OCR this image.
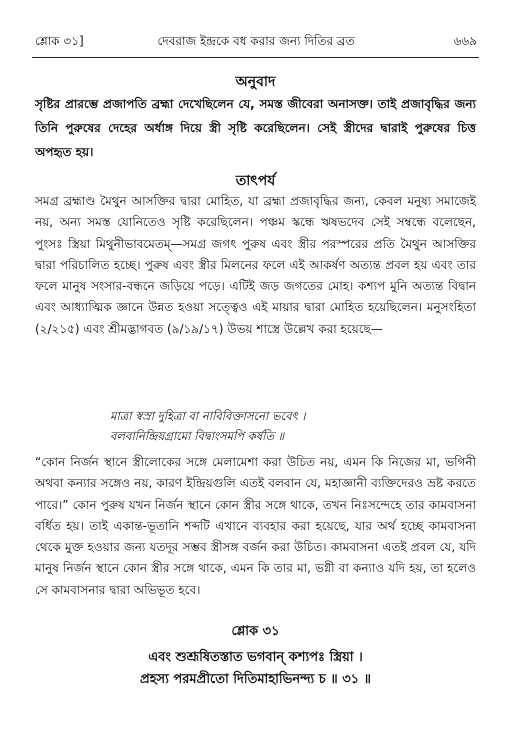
শ্লোক ৩১]	দেবরাজ ইন্দ্রকে বধ করার জন্য দিতির ব্রত	৬৬৯
অনুবাদ

সৃষ্টির প্রারম্ভে প্রজাপতি ব্রহ্মা দেখেছিলেন যে, সমস্ত জীবেরা অনাসক্ত। তাই প্রজাবৃদ্ধির জন্য তিনি পুরুষের দেহের অর্ধাঙ্গ দিয়ে স্ত্রী সৃষ্টি করেছিলেন। সেই স্ত্রীদের দ্বারাই পুরুষের চিত্ত অপহৃত হয়।

তাৎপর্য

সমগ্র ব্রহ্মাণ্ড মৈথুন আসক্তির দ্বারা মোহিত, যা ব্রহ্মা প্রজাবৃদ্ধির জন্য, কেবল মনুষ্য সমাজেই নয়, অন্য সমস্ত যোনিতেও সৃষ্টি করেছিলেন। পঞ্চম স্কন্ধে ঋষভদেব সেই সম্বন্ধে বলেছেন, পুংসঃ স্ত্রিয়া মিথুনীভাবমেতম্—সমগ্র জগৎ পুরুষ এবং স্ত্রীর পরস্পরের প্রতি মৈথুন আসক্তির দ্বারা পরিচালিত হচ্ছে। পুরুষ এবং স্ত্রীর মিলনের ফলে এই আকর্ষণ অত্যন্ত প্রবল হয় এবং তার ফলে মানুষ সংসার-বন্ধনে জড়িয়ে পড়ে। এটিই জড় জগতের মোহ। কশ্যপ মুনি অত্যন্ত বিদ্বান এবং আধ্যাত্মিক জ্ঞানে উন্নত হওয়া সত্ত্বেও এই মায়ার দ্বারা মোহিত হয়েছিলেন। মনুসংহিতা (২/২১৫) এবং শ্রীমদ্ভাগবত (৯/১৯/১৭) উভয় শাস্ত্রে উল্লেখ করা হয়েছে—

মাত্রা স্বস্রা দুহিত্রা বা নাবিবিক্তাসনো ভবেৎ ।
বলবানিন্দ্রিয়গ্রামো বিদ্বাংসমপি কর্ষতি ॥

“কোন নির্জন স্থানে স্ত্রীলোকের সঙ্গে মেলামেশা করা উচিত নয়, এমন কি নিজের মা, ভগিনী অথবা কন্যার সঙ্গেও নয়, কারণ ইন্দ্রিয়গুলি এতই বলবান যে, মহাজ্ঞানী ব্যক্তিদেরও ভ্রষ্ট করতে পারে।” কোন পুরুষ যখন নির্জন স্থানে কোন স্ত্রীর সঙ্গে থাকে, তখন নিঃসন্দেহে তার কামবাসনা বর্ধিত হয়। তাই একান্ত-ভূতানি শব্দটি এখানে ব্যবহার করা হয়েছে, যার অর্থ হচ্ছে কামবাসনা থেকে মুক্ত হওয়ার জন্য যতদূর সম্ভব স্ত্রীসঙ্গ বর্জন করা উচিত। কামবাসনা এতই প্রবল যে, যদি মানুষ নির্জন স্থানে কোন স্ত্রীর সঙ্গে থাকে, এমন কি তার মা, ভগ্নী বা কন্যাও যদি হয়, তা হলেও সে কামবাসনার দ্বারা অভিভূত হবে।

শ্লোক ৩১
এবং শুশ্রূষিতস্তাত ভগবান্ কশ্যপঃ স্ত্রিয়া ।
প্রহস্য পরমপ্রীতো দিতিমাহাভিনন্দ্য চ ॥ ৩১ ॥
